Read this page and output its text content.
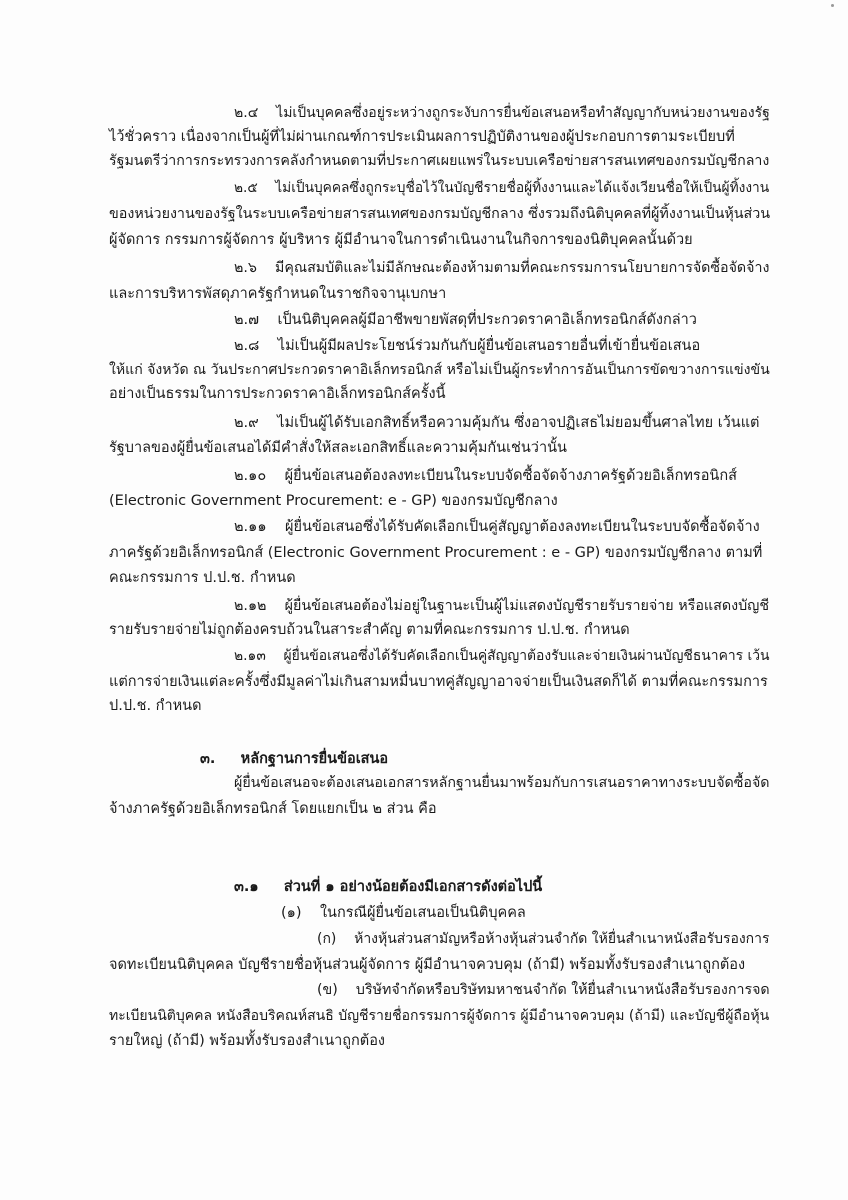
๒.๔ ไม่เป็นบุคคลซึ่งอยู่ระหว่างถูกระงับการยื่นข้อเสนอหรือทำสัญญากับหน่วยงานของรัฐ
ไว้ชั่วคราว เนื่องจากเป็นผู้ที่ไม่ผ่านเกณฑ์การประเมินผลการปฏิบัติงานของผู้ประกอบการตามระเบียบที่
รัฐมนตรีว่าการกระทรวงการคลังกำหนดตามที่ประกาศเผยแพร่ในระบบเครือข่ายสารสนเทศของกรมบัญชีกลาง
๒.๕ ไม่เป็นบุคคลซึ่งถูกระบุชื่อไว้ในบัญชีรายชื่อผู้ทิ้งงานและได้แจ้งเวียนชื่อให้เป็นผู้ทิ้งงาน
ของหน่วยงานของรัฐในระบบเครือข่ายสารสนเทศของกรมบัญชีกลาง ซึ่งรวมถึงนิติบุคคลที่ผู้ทิ้งงานเป็นหุ้นส่วน
ผู้จัดการ กรรมการผู้จัดการ ผู้บริหาร ผู้มีอำนาจในการดำเนินงานในกิจการของนิติบุคคลนั้นด้วย
๒.๖ มีคุณสมบัติและไม่มีลักษณะต้องห้ามตามที่คณะกรรมการนโยบายการจัดซื้อจัดจ้าง
และการบริหารพัสดุภาครัฐกำหนดในราชกิจจานุเบกษา
๒.๗ เป็นนิติบุคคลผู้มีอาชีพขายพัสดุที่ประกวดราคาอิเล็กทรอนิกส์ดังกล่าว
๒.๘ ไม่เป็นผู้มีผลประโยชน์ร่วมกันกับผู้ยื่นข้อเสนอรายอื่นที่เข้ายื่นข้อเสนอ
ให้แก่ จังหวัด ณ วันประกาศประกวดราคาอิเล็กทรอนิกส์ หรือไม่เป็นผู้กระทำการอันเป็นการขัดขวางการแข่งขัน
อย่างเป็นธรรมในการประกวดราคาอิเล็กทรอนิกส์ครั้งนี้
๒.๙ ไม่เป็นผู้ได้รับเอกสิทธิ์หรือความคุ้มกัน ซึ่งอาจปฏิเสธไม่ยอมขึ้นศาลไทย เว้นแต่
รัฐบาลของผู้ยื่นข้อเสนอได้มีคำสั่งให้สละเอกสิทธิ์และความคุ้มกันเช่นว่านั้น
๒.๑๐ ผู้ยื่นข้อเสนอต้องลงทะเบียนในระบบจัดซื้อจัดจ้างภาครัฐด้วยอิเล็กทรอนิกส์
(Electronic Government Procurement: e - GP) ของกรมบัญชีกลาง
๒.๑๑ ผู้ยื่นข้อเสนอซึ่งได้รับคัดเลือกเป็นคู่สัญญาต้องลงทะเบียนในระบบจัดซื้อจัดจ้าง
ภาครัฐด้วยอิเล็กทรอนิกส์ (Electronic Government Procurement : e - GP) ของกรมบัญชีกลาง ตามที่
คณะกรรมการ ป.ป.ช. กำหนด
๒.๑๒ ผู้ยื่นข้อเสนอต้องไม่อยู่ในฐานะเป็นผู้ไม่แสดงบัญชีรายรับรายจ่าย หรือแสดงบัญชี
รายรับรายจ่ายไม่ถูกต้องครบถ้วนในสาระสำคัญ ตามที่คณะกรรมการ ป.ป.ช. กำหนด
๒.๑๓ ผู้ยื่นข้อเสนอซึ่งได้รับคัดเลือกเป็นคู่สัญญาต้องรับและจ่ายเงินผ่านบัญชีธนาคาร เว้น
แต่การจ่ายเงินแต่ละครั้งซึ่งมีมูลค่าไม่เกินสามหมื่นบาทคู่สัญญาอาจจ่ายเป็นเงินสดก็ได้ ตามที่คณะกรรมการ
ป.ป.ช. กำหนด
๓. หลักฐานการยื่นข้อเสนอ
ผู้ยื่นข้อเสนอจะต้องเสนอเอกสารหลักฐานยื่นมาพร้อมกับการเสนอราคาทางระบบจัดซื้อจัด
จ้างภาครัฐด้วยอิเล็กทรอนิกส์ โดยแยกเป็น ๒ ส่วน คือ
๓.๑ ส่วนที่ ๑ อย่างน้อยต้องมีเอกสารดังต่อไปนี้
(๑) ในกรณีผู้ยื่นข้อเสนอเป็นนิติบุคคล
(ก) ห้างหุ้นส่วนสามัญหรือห้างหุ้นส่วนจำกัด ให้ยื่นสำเนาหนังสือรับรองการ
จดทะเบียนนิติบุคคล บัญชีรายชื่อหุ้นส่วนผู้จัดการ ผู้มีอำนาจควบคุม (ถ้ามี) พร้อมทั้งรับรองสำเนาถูกต้อง
(ข) บริษัทจำกัดหรือบริษัทมหาชนจำกัด ให้ยื่นสำเนาหนังสือรับรองการจด
ทะเบียนนิติบุคคล หนังสือบริคณห์สนธิ บัญชีรายชื่อกรรมการผู้จัดการ ผู้มีอำนาจควบคุม (ถ้ามี) และบัญชีผู้ถือหุ้น
รายใหญ่ (ถ้ามี) พร้อมทั้งรับรองสำเนาถูกต้อง
